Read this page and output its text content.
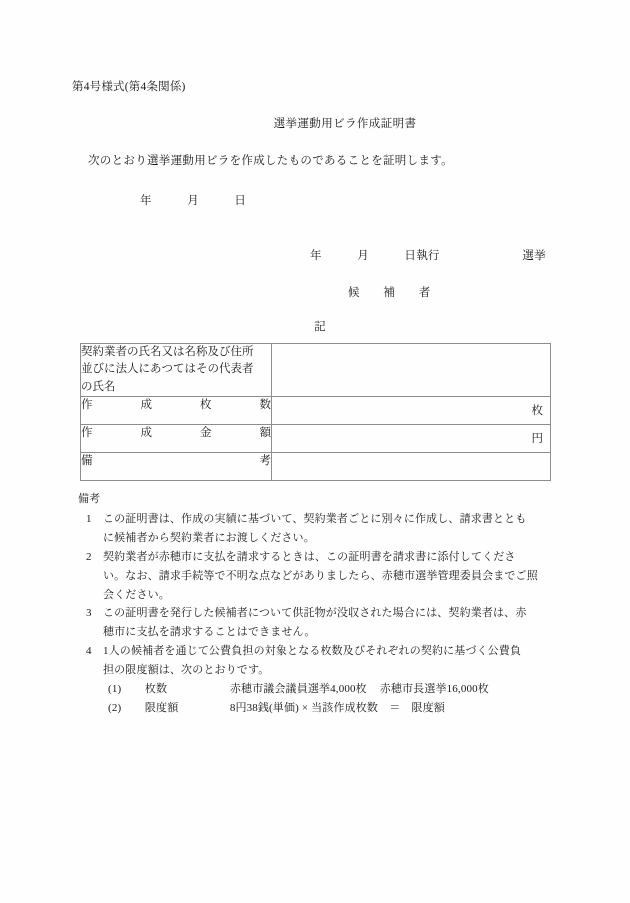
第4号様式(第4条関係)
選挙運動用ビラ作成証明書
次のとおり選挙運動用ビラを作成したものであることを証明します。
年　　　月　　　日
年　　　月　　　日執行　　　　　　　選挙
候　　補　　者
記
契約業者の氏名又は名称及び住所
並びに法人にあつてはその代表者
の氏名	

作 成 枚 数	枚

作 成 金 額	円

備 考	

備考
1 この証明書は、作成の実績に基づいて、契約業者ごとに別々に作成し、請求書ととも
に候補者から契約業者にお渡しください。
2 契約業者が赤穂市に支払を請求するときは、この証明書を請求書に添付してくださ
い。なお、請求手続等で不明な点などがありましたら、赤穂市選挙管理委員会までご照
会ください。
3 この証明書を発行した候補者について供託物が没収された場合には、契約業者は、赤
穂市に支払を請求することはできません。
4 1人の候補者を通じて公費負担の対象となる枚数及びそれぞれの契約に基づく公費負
担の限度額は、次のとおりです。
(1) 枚数	赤穂市議会議員選挙4,000枚 赤穂市長選挙16,000枚
(2) 限度額	8円38銭(単価) × 当該作成枚数　＝　限度額
